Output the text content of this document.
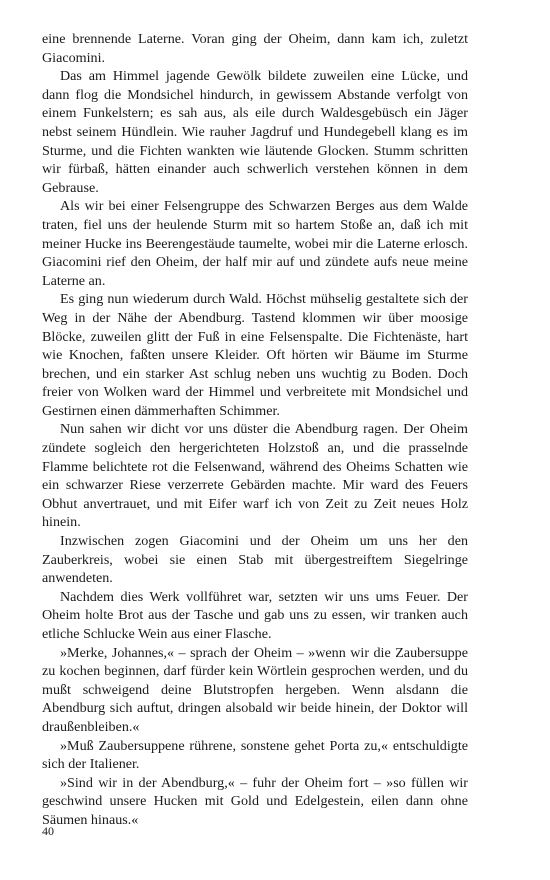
eine brennende Laterne. Voran ging der Oheim, dann kam ich, zuletzt Giacomini.

Das am Himmel jagende Gewölk bildete zuweilen eine Lücke, und dann flog die Mondsichel hindurch, in gewissem Abstande verfolgt von einem Funkelstern; es sah aus, als eile durch Waldesgebüsch ein Jäger nebst seinem Hündlein. Wie rauher Jagdruf und Hundegebell klang es im Sturme, und die Fichten wankten wie läutende Glocken. Stumm schritten wir fürbaß, hätten einander auch schwerlich verstehen können in dem Gebrause.

Als wir bei einer Felsengruppe des Schwarzen Berges aus dem Walde traten, fiel uns der heulende Sturm mit so hartem Stoße an, daß ich mit meiner Hucke ins Beerengestäude taumelte, wobei mir die Laterne erlosch. Giacomini rief den Oheim, der half mir auf und zündete aufs neue meine Laterne an.

Es ging nun wiederum durch Wald. Höchst mühselig gestaltete sich der Weg in der Nähe der Abendburg. Tastend klommen wir über moosige Blöcke, zuweilen glitt der Fuß in eine Felsenspalte. Die Fichtenäste, hart wie Knochen, faßten unsere Kleider. Oft hörten wir Bäume im Sturme brechen, und ein starker Ast schlug neben uns wuchtig zu Boden. Doch freier von Wolken ward der Himmel und verbreitete mit Mondsichel und Gestirnen einen dämmerhaften Schimmer.

Nun sahen wir dicht vor uns düster die Abendburg ragen. Der Oheim zündete sogleich den hergerichteten Holzstoß an, und die prasselnde Flamme belichtete rot die Felsenwand, während des Oheims Schatten wie ein schwarzer Riese verzerrete Gebärden machte. Mir ward des Feuers Obhut anvertrauet, und mit Eifer warf ich von Zeit zu Zeit neues Holz hinein.

Inzwischen zogen Giacomini und der Oheim um uns her den Zauberkreis, wobei sie einen Stab mit übergestreiftem Siegelringe anwendeten.

Nachdem dies Werk vollführet war, setzten wir uns ums Feuer. Der Oheim holte Brot aus der Tasche und gab uns zu essen, wir tranken auch etliche Schlucke Wein aus einer Flasche.

»Merke, Johannes,« – sprach der Oheim – »wenn wir die Zaubersuppe zu kochen beginnen, darf fürder kein Wörtlein gesprochen werden, und du mußt schweigend deine Blutstropfen hergeben. Wenn alsdann die Abendburg sich auftut, dringen alsobald wir beide hinein, der Doktor will draußenbleiben.«

»Muß Zaubersuppene rührene, sonstene gehet Porta zu,« entschuldigte sich der Italiener.

»Sind wir in der Abendburg,« – fuhr der Oheim fort – »so füllen wir geschwind unsere Hucken mit Gold und Edelgestein, eilen dann ohne Säumen hinaus.«

40
